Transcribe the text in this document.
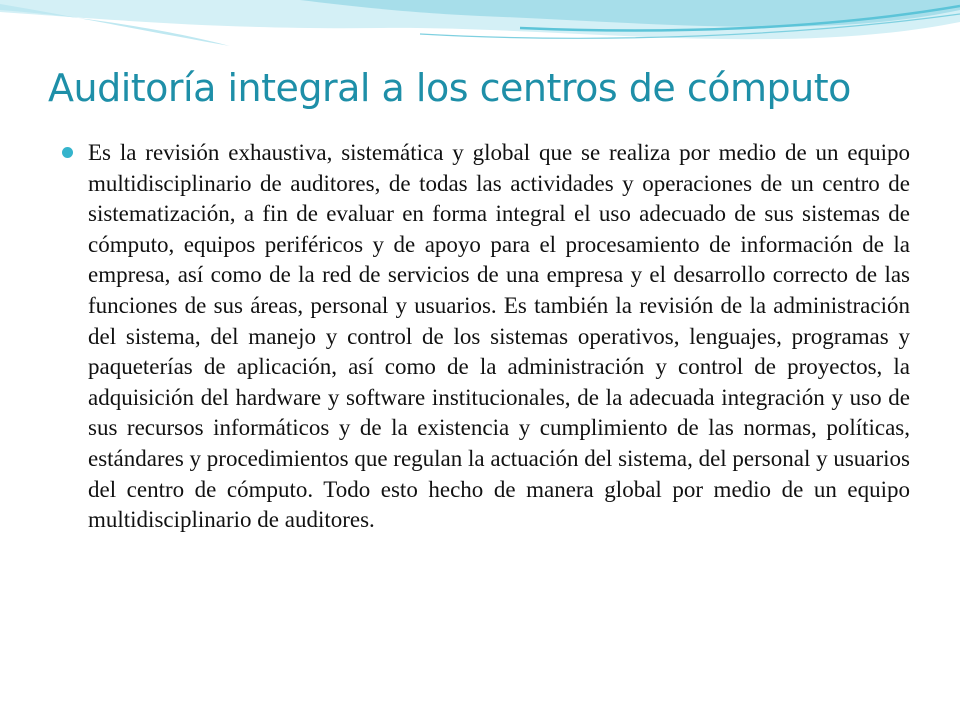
Auditoría integral a los centros de cómputo

Es la revisión exhaustiva, sistemática y global que se realiza por medio de un equipo multidisciplinario de auditores, de todas las actividades y operaciones de un centro de sistematización, a fin de evaluar en forma integral el uso adecuado de sus sistemas de cómputo, equipos periféricos y de apoyo para el procesamiento de información de la empresa, así como de la red de servicios de una empresa y el desarrollo correcto de las funciones de sus áreas, personal y usuarios. Es también la revisión de la administración del sistema, del manejo y control de los sistemas operativos, lenguajes, programas y paqueterías de aplicación, así como de la administración y control de proyectos, la adquisición del hardware y software institucionales, de la adecuada integración y uso de sus recursos informáticos y de la existencia y cumplimiento de las normas, políticas, estándares y procedimientos que regulan la actuación del sistema, del personal y usuarios del centro de cómputo. Todo esto hecho de manera global por medio de un equipo multidisciplinario de auditores.
